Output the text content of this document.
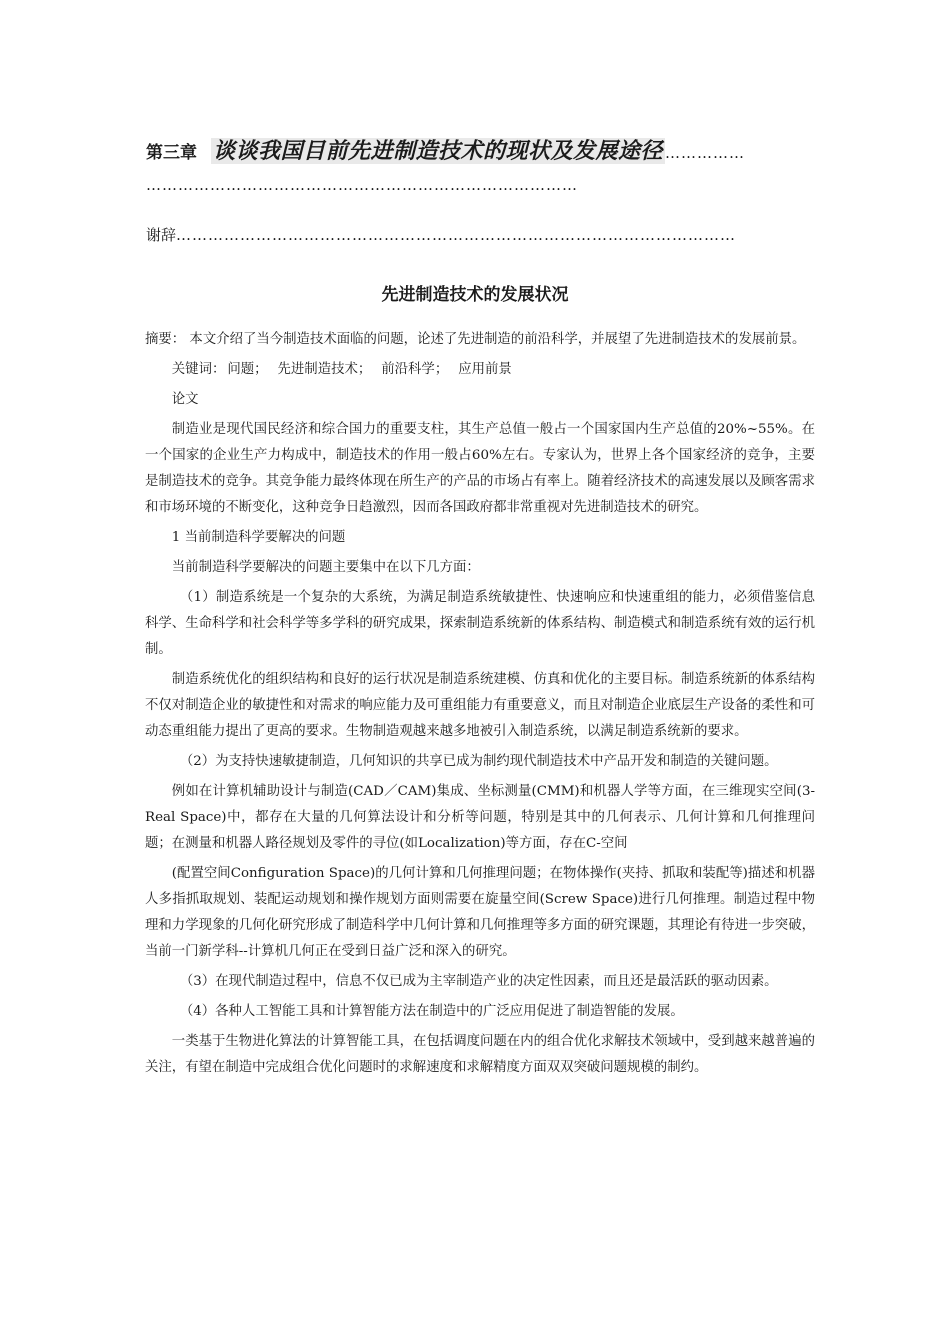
第三章 谈谈我国目前先进制造技术的现状及发展途径 ……………
………………………………………………………………………
谢辞……………………………………………………………………………………………
先进制造技术的发展状况

摘要： 本文介绍了当今制造技术面临的问题，论述了先进制造的前沿科学，并展望了先进制造技术的发展前景。

关键词： 问题； 先进制造技术； 前沿科学； 应用前景

论文

制造业是现代国民经济和综合国力的重要支柱，其生产总值一般占一个国家国内生产总值的20%~55%。在一个国家的企业生产力构成中，制造技术的作用一般占60%左右。专家认为，世界上各个国家经济的竞争，主要是制造技术的竞争。其竞争能力最终体现在所生产的产品的市场占有率上。随着经济技术的高速发展以及顾客需求和市场环境的不断变化，这种竞争日趋激烈，因而各国政府都非常重视对先进制造技术的研究。

1 当前制造科学要解决的问题

当前制造科学要解决的问题主要集中在以下几方面：

（1）制造系统是一个复杂的大系统，为满足制造系统敏捷性、快速响应和快速重组的能力，必须借鉴信息科学、生命科学和社会科学等多学科的研究成果，探索制造系统新的体系结构、制造模式和制造系统有效的运行机制。

制造系统优化的组织结构和良好的运行状况是制造系统建模、仿真和优化的主要目标。制造系统新的体系结构不仅对制造企业的敏捷性和对需求的响应能力及可重组能力有重要意义，而且对制造企业底层生产设备的柔性和可动态重组能力提出了更高的要求。生物制造观越来越多地被引入制造系统，以满足制造系统新的要求。

（2）为支持快速敏捷制造，几何知识的共享已成为制约现代制造技术中产品开发和制造的关键问题。

例如在计算机辅助设计与制造(CAD／CAM)集成、坐标测量(CMM)和机器人学等方面，在三维现实空间(3-Real Space)中，都存在大量的几何算法设计和分析等问题，特别是其中的几何表示、几何计算和几何推理问题；在测量和机器人路径规划及零件的寻位(如Localization)等方面，存在C-空间

(配置空间Configuration Space)的几何计算和几何推理问题；在物体操作(夹持、抓取和装配等)描述和机器人多指抓取规划、装配运动规划和操作规划方面则需要在旋量空间(Screw Space)进行几何推理。制造过程中物理和力学现象的几何化研究形成了制造科学中几何计算和几何推理等多方面的研究课题，其理论有待进一步突破，当前一门新学科--计算机几何正在受到日益广泛和深入的研究。

（3）在现代制造过程中，信息不仅已成为主宰制造产业的决定性因素，而且还是最活跃的驱动因素。

（4）各种人工智能工具和计算智能方法在制造中的广泛应用促进了制造智能的发展。

一类基于生物进化算法的计算智能工具，在包括调度问题在内的组合优化求解技术领域中，受到越来越普遍的关注，有望在制造中完成组合优化问题时的求解速度和求解精度方面双双突破问题规模的制约。
